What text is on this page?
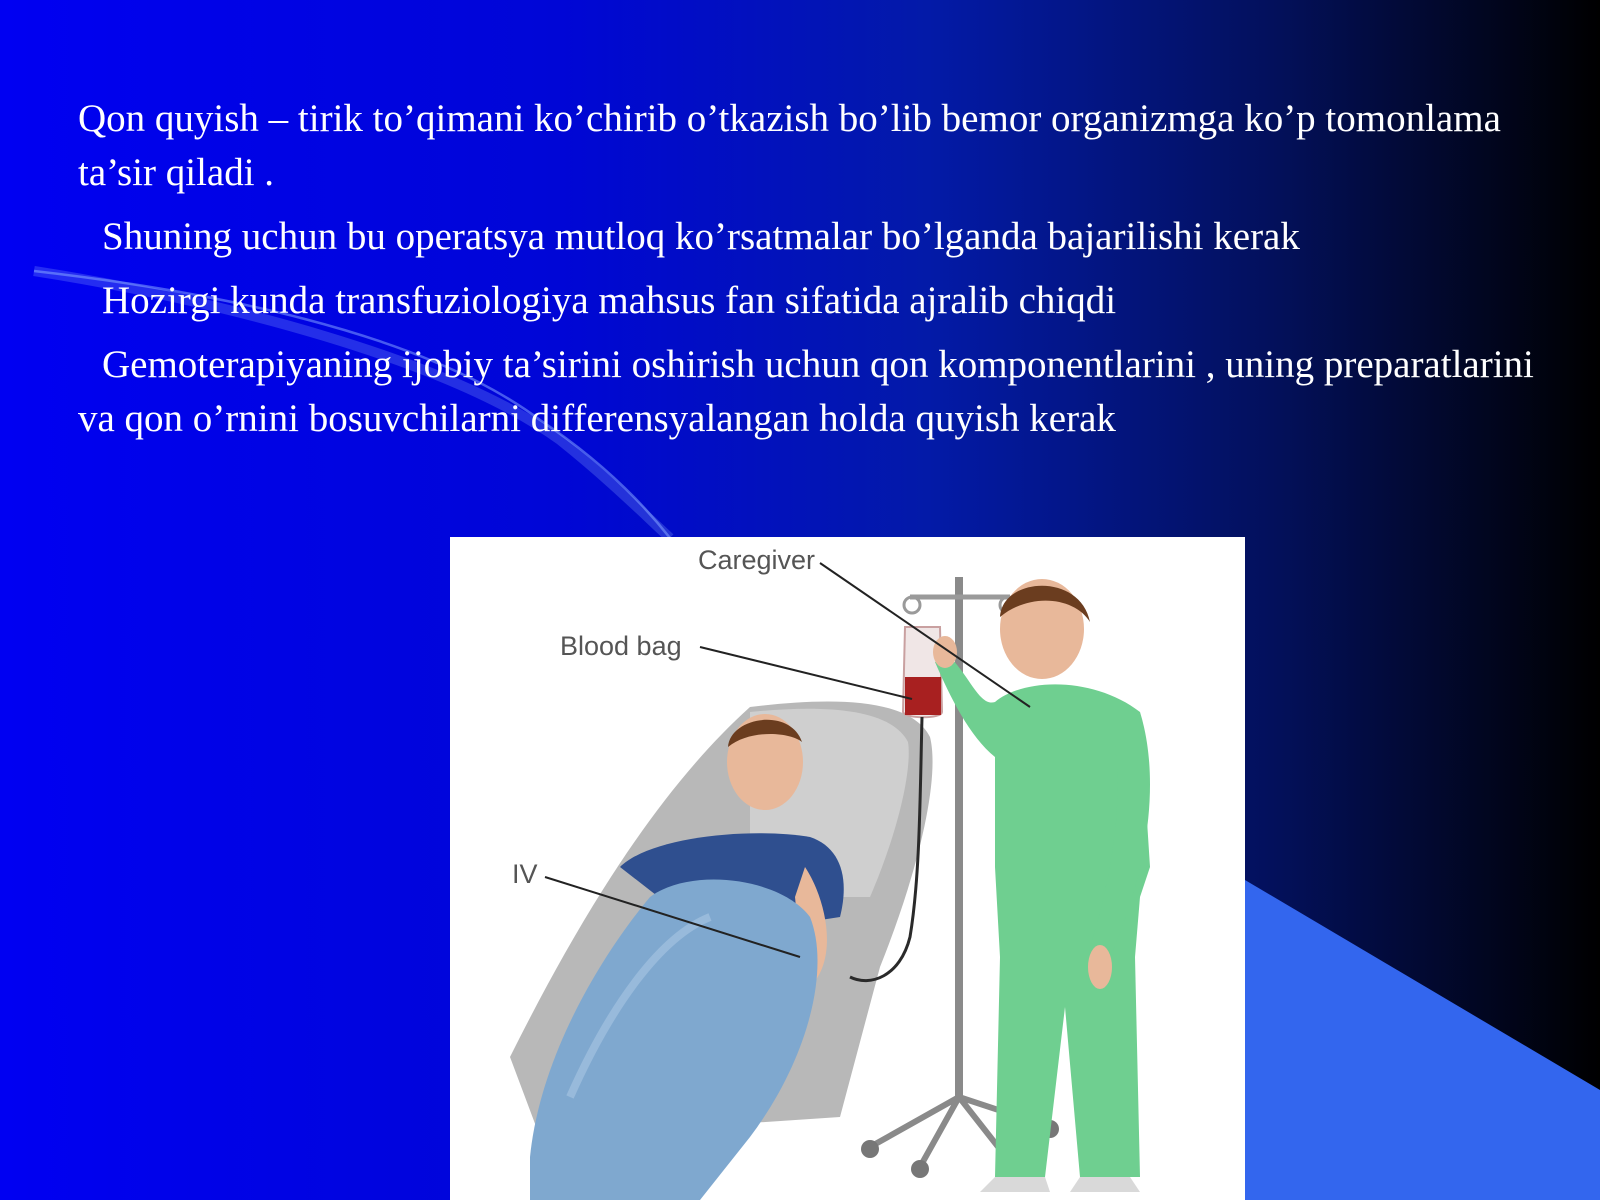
Qon quyish – tirik to’qimani ko’chirib o’tkazish bo’lib bemor organizmga ko’p tomonlama ta’sir qiladi .

Shuning uchun bu operatsya mutloq ko’rsatmalar bo’lganda bajarilishi kerak

Hozirgi kunda transfuziologiya mahsus fan sifatida ajralib chiqdi

Gemoterapiyaning ijobiy ta’sirini oshirish uchun qon komponentlarini , uning preparatlarini va qon o’rnini bosuvchilarni differensyalangan holda quyish kerak

Caregiver
Blood bag
IV
